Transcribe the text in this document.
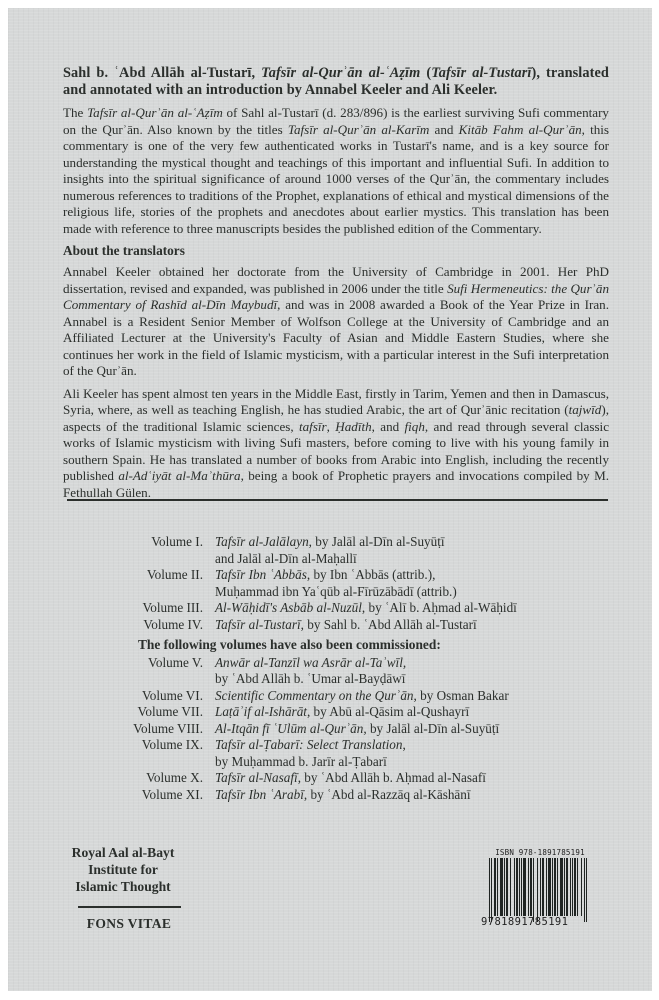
Sahl b. ʿAbd Allāh al-Tustarī, Tafsīr al-Qurʾān al-ʿAẓīm (Tafsīr al-Tustarī), translated and annotated with an introduction by Annabel Keeler and Ali Keeler.

The Tafsīr al-Qurʾān al-ʿAẓīm of Sahl al-Tustarī (d. 283/896) is the earliest surviving Sufi commentary on the Qurʾān. Also known by the titles Tafsīr al-Qurʾān al-Karīm and Kitāb Fahm al-Qurʾān, this commentary is one of the very few authenticated works in Tustarī's name, and is a key source for understanding the mystical thought and teachings of this important and influential Sufi. In addition to insights into the spiritual significance of around 1000 verses of the Qurʾān, the commentary includes numerous references to traditions of the Prophet, explanations of ethical and mystical dimensions of the religious life, stories of the prophets and anecdotes about earlier mystics. This translation has been made with reference to three manuscripts besides the published edition of the Commentary.

About the translators

Annabel Keeler obtained her doctorate from the University of Cambridge in 2001. Her PhD dissertation, revised and expanded, was published in 2006 under the title Sufi Hermeneutics: the Qurʾān Commentary of Rashīd al-Dīn Maybudī, and was in 2008 awarded a Book of the Year Prize in Iran. Annabel is a Resident Senior Member of Wolfson College at the University of Cambridge and an Affiliated Lecturer at the University's Faculty of Asian and Middle Eastern Studies, where she continues her work in the field of Islamic mysticism, with a particular interest in the Sufi interpretation of the Qurʾān.

Ali Keeler has spent almost ten years in the Middle East, firstly in Tarim, Yemen and then in Damascus, Syria, where, as well as teaching English, he has studied Arabic, the art of Qurʾānic recitation (tajwīd), aspects of the traditional Islamic sciences, tafsīr, Ḥadīth, and fiqh, and read through several classic works of Islamic mysticism with living Sufi masters, before coming to live with his young family in southern Spain. He has translated a number of books from Arabic into English, including the recently published al-Adʿiyāt al-Maʾthūra, being a book of Prophetic prayers and invocations compiled by M. Fethullah Gülen.

Volume I. Tafsīr al-Jalālayn, by Jalāl al-Dīn al-Suyūṭī
and Jalāl al-Dīn al-Maḥallī
Volume II. Tafsīr Ibn ʿAbbās, by Ibn ʿAbbās (attrib.),
Muḥammad ibn Yaʿqūb al-Fīrūzābādī (attrib.)
Volume III. Al-Wāḥidī's Asbāb al-Nuzūl, by ʿAlī b. Aḥmad al-Wāḥidī
Volume IV. Tafsīr al-Tustarī, by Sahl b. ʿAbd Allāh al-Tustarī
The following volumes have also been commissioned:
Volume V. Anwār al-Tanzīl wa Asrār al-Taʾwīl,
by ʿAbd Allāh b. ʿUmar al-Bayḍāwī
Volume VI. Scientific Commentary on the Qurʾān, by Osman Bakar
Volume VII. Laṭāʾif al-Ishārāt, by Abū al-Qāsim al-Qushayrī
Volume VIII. Al-Itqān fī ʿUlūm al-Qurʾān, by Jalāl al-Dīn al-Suyūṭī
Volume IX. Tafsīr al-Ṭabarī: Select Translation,
by Muḥammad b. Jarīr al-Ṭabarī
Volume X. Tafsīr al-Nasafī, by ʿAbd Allāh b. Aḥmad al-Nasafī
Volume XI. Tafsīr Ibn ʿArabī, by ʿAbd al-Razzāq al-Kāshānī
Royal Aal al-Bayt
Institute for
Islamic Thought
FONS VITAE
ISBN 978-1891785191
9781891785191
